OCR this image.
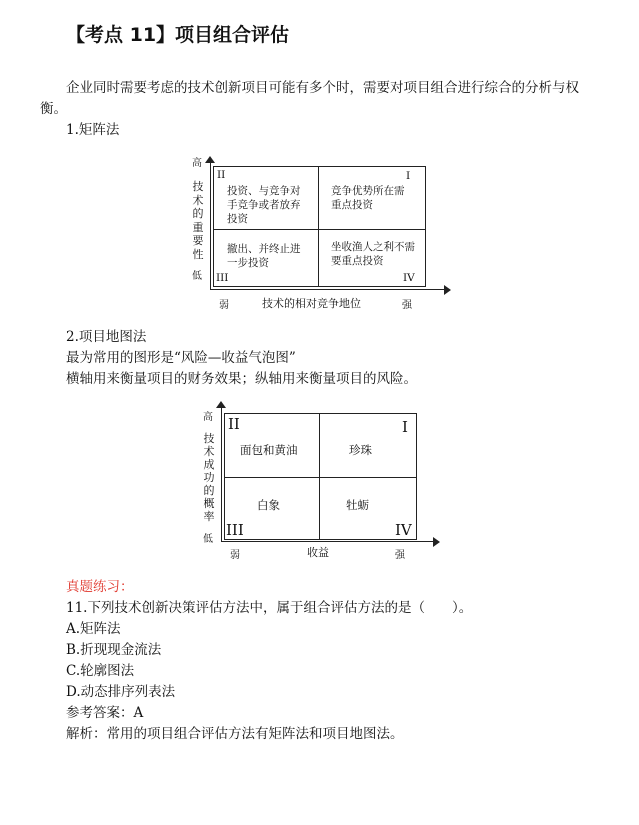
【考点 11】项目组合评估
企业同时需要考虑的技术创新项目可能有多个时，需要对项目组合进行综合的分析与权
衡。
1.矩阵法
高
技
术
的
重
要
性
低
II	I
III	IV
投资、与竞争对手竞争或者放弃投资
竞争优势所在需重点投资
撤出、并终止进一步投资
坐收渔人之利不需要重点投资
弱	技术的相对竞争地位	强
2.项目地图法
最为常用的图形是“风险—收益气泡图”
横轴用来衡量项目的财务效果；纵轴用来衡量项目的风险。
高
技
术
成
功
的
概
率
低
II	I
III	IV
面包和黄油	珍珠
白象	牡蛎
弱	收益	强
真题练习：
11.下列技术创新决策评估方法中，属于组合评估方法的是（　　）。
A.矩阵法
B.折现现金流法
C.轮廓图法
D.动态排序列表法
参考答案：A
解析：常用的项目组合评估方法有矩阵法和项目地图法。
